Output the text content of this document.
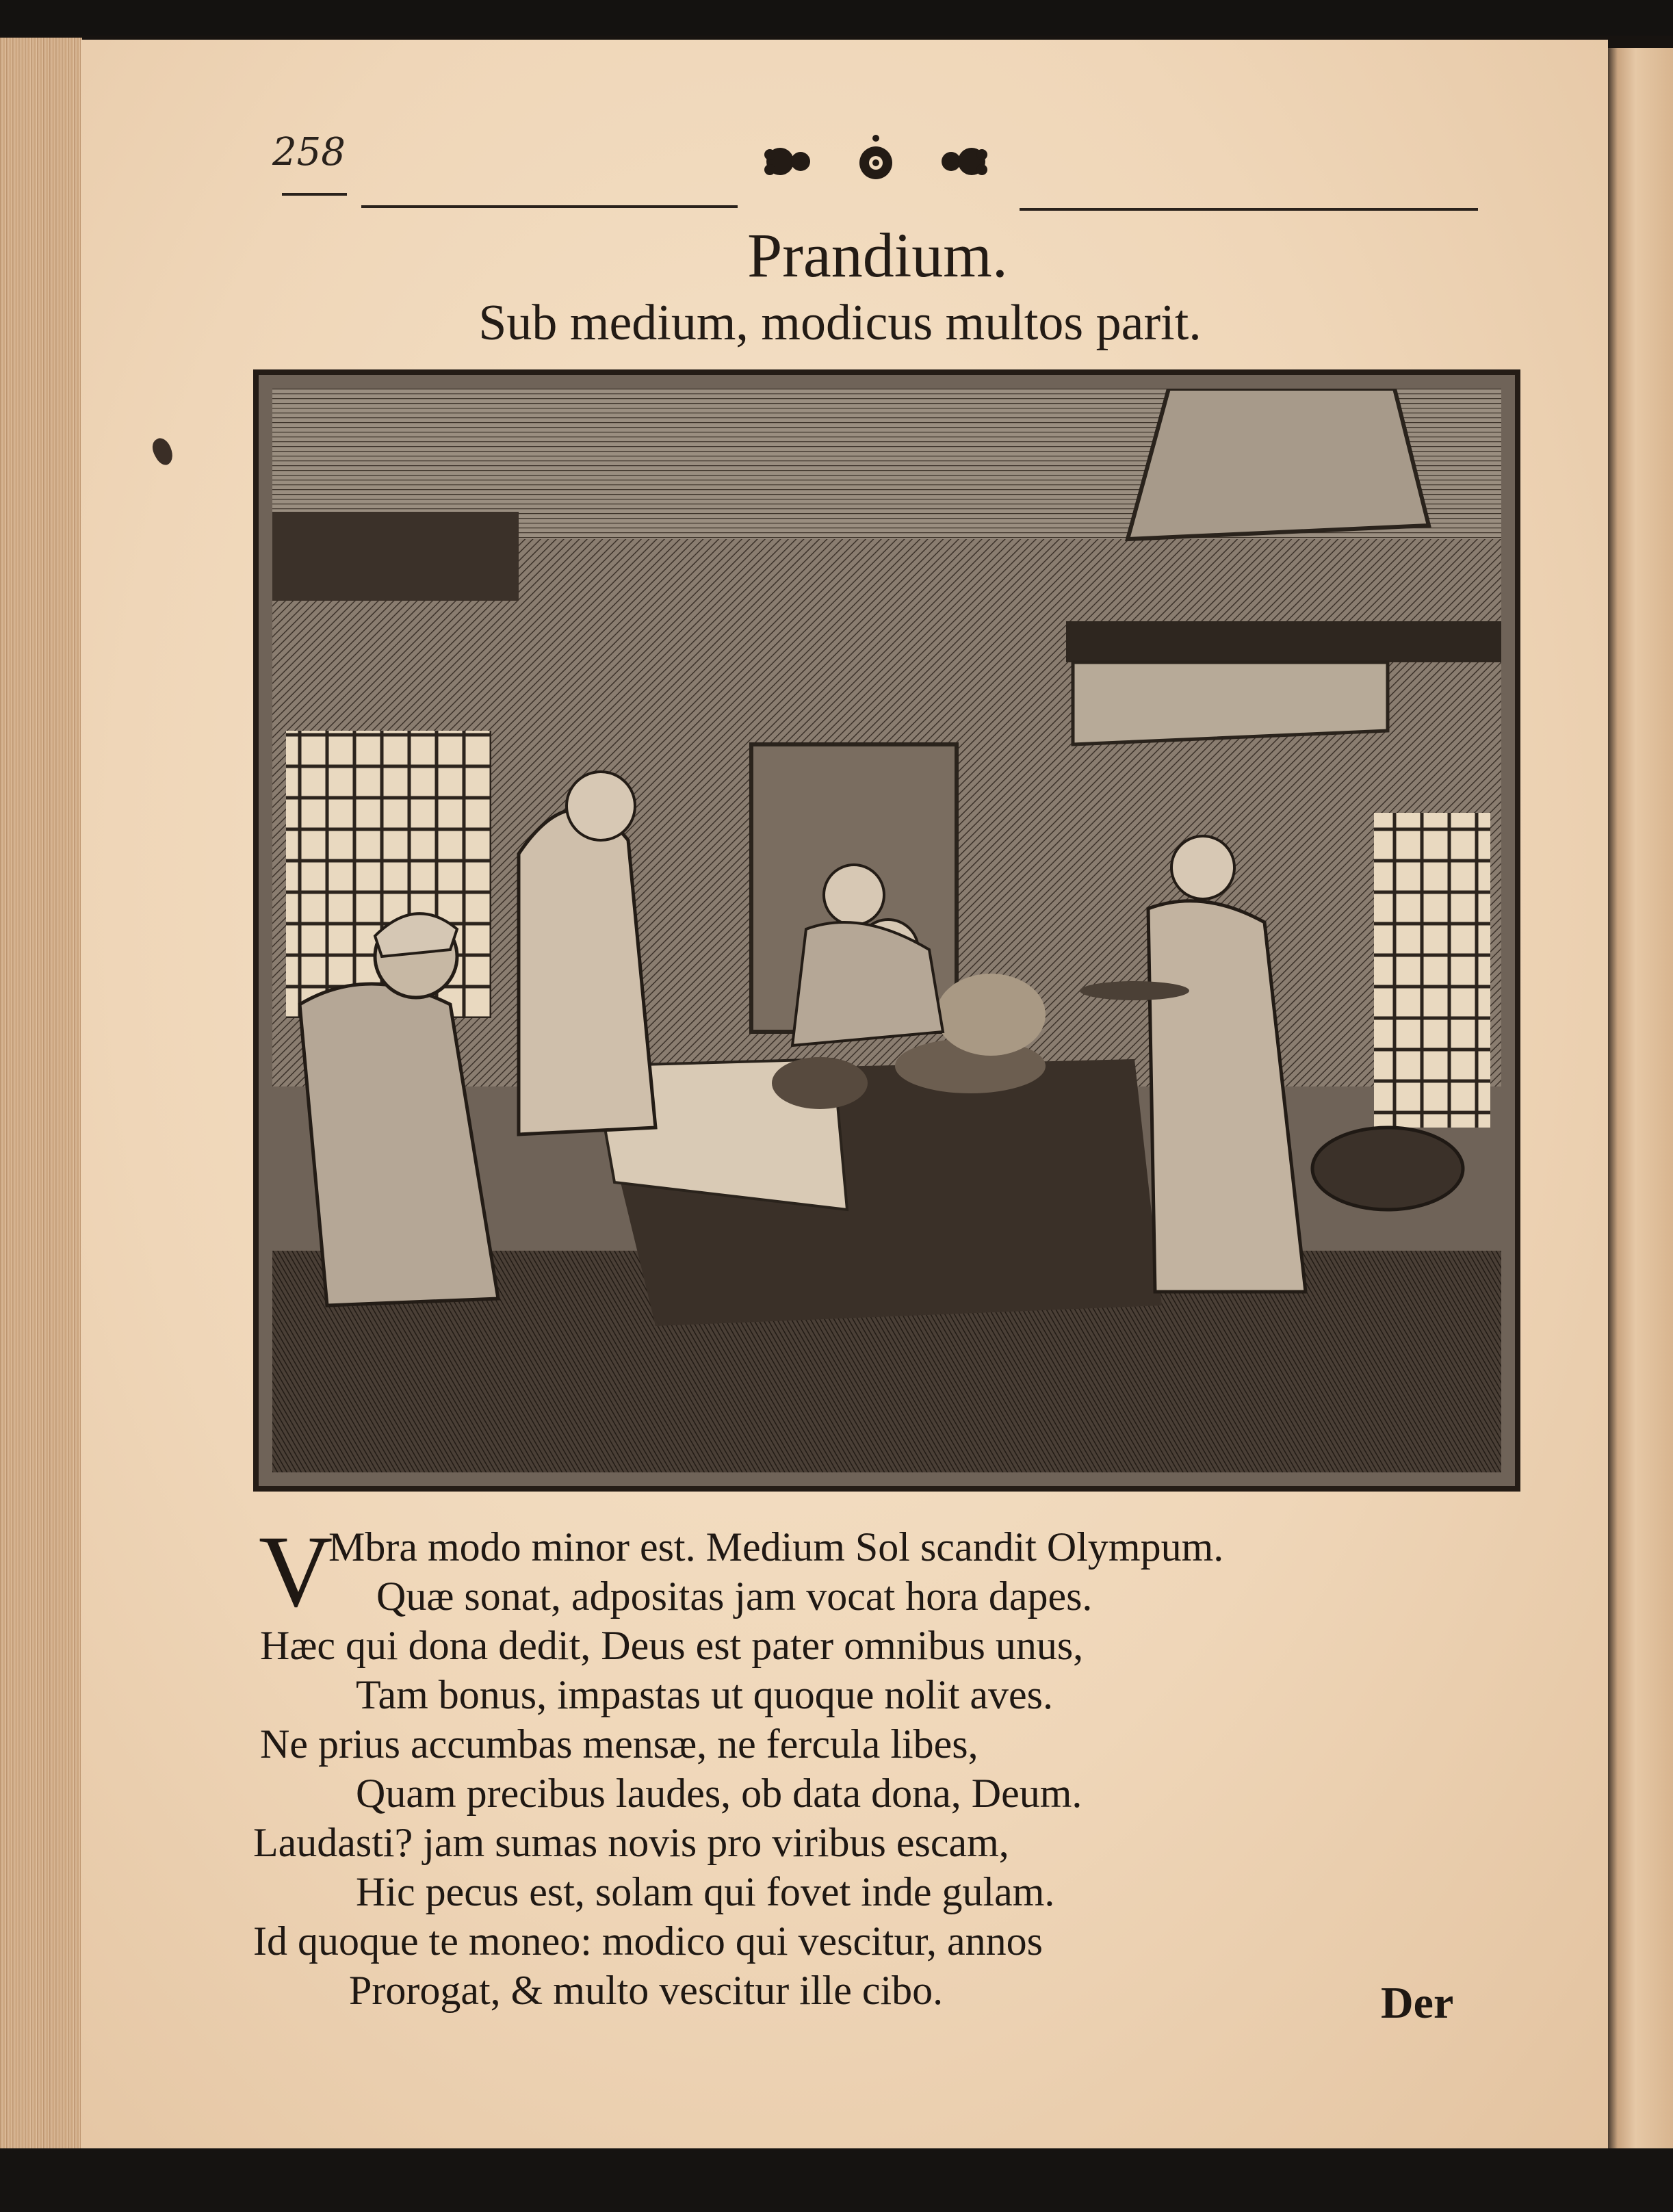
258
Prandium.
Sub medium, modicus multos parit.
V
Mbra modo minor est. Medium Sol scandit Olympum.
Quæ sonat, adpositas jam vocat hora dapes.
Hæc qui dona dedit, Deus est pater omnibus unus,
Tam bonus, impastas ut quoque nolit aves.
Ne prius accumbas mensæ, ne fercula libes,
Quam precibus laudes, ob data dona, Deum.
Laudasti? jam sumas novis pro viribus escam,
Hic pecus est, solam qui fovet inde gulam.
Id quoque te moneo: modico qui vescitur, annos
Prorogat, & multo vescitur ille cibo.	Der
